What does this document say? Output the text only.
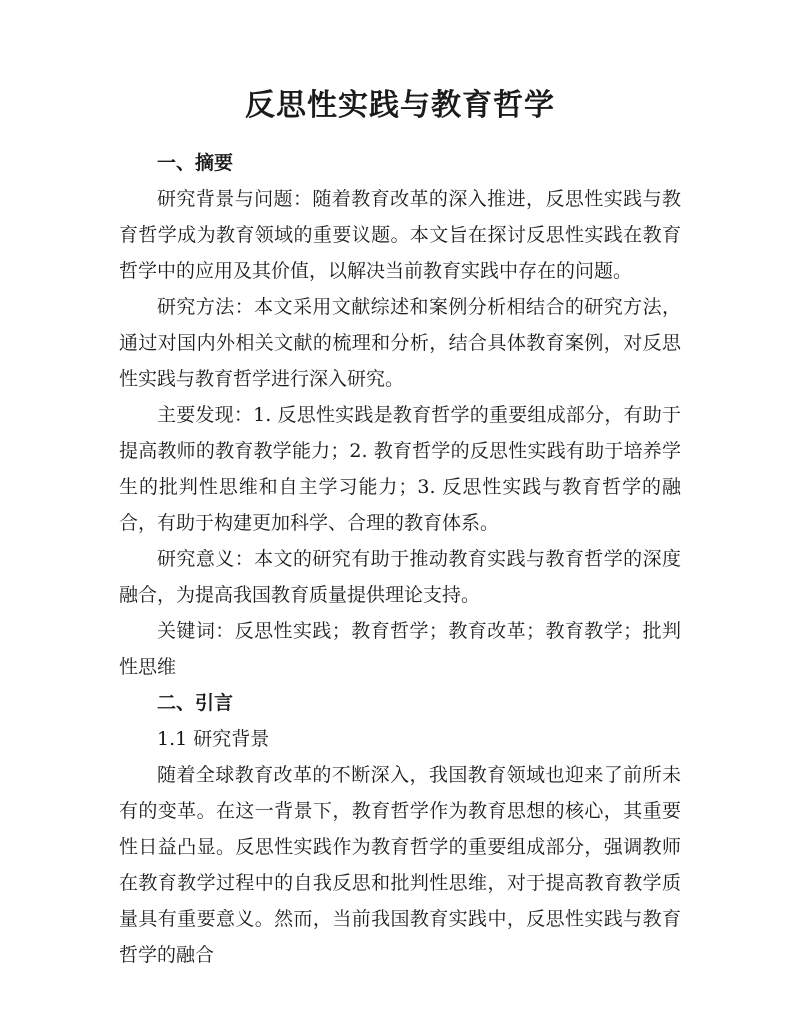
反思性实践与教育哲学

一、摘要

研究背景与问题：随着教育改革的深入推进，反思性实践与教育哲学成为教育领域的重要议题。本文旨在探讨反思性实践在教育哲学中的应用及其价值，以解决当前教育实践中存在的问题。

研究方法：本文采用文献综述和案例分析相结合的研究方法，通过对国内外相关文献的梳理和分析，结合具体教育案例，对反思性实践与教育哲学进行深入研究。

主要发现：1. 反思性实践是教育哲学的重要组成部分，有助于提高教师的教育教学能力；2. 教育哲学的反思性实践有助于培养学生的批判性思维和自主学习能力；3. 反思性实践与教育哲学的融合，有助于构建更加科学、合理的教育体系。

研究意义：本文的研究有助于推动教育实践与教育哲学的深度融合，为提高我国教育质量提供理论支持。

关键词：反思性实践；教育哲学；教育改革；教育教学；批判性思维

二、引言

1.1 研究背景

随着全球教育改革的不断深入，我国教育领域也迎来了前所未有的变革。在这一背景下，教育哲学作为教育思想的核心，其重要性日益凸显。反思性实践作为教育哲学的重要组成部分，强调教师在教育教学过程中的自我反思和批判性思维，对于提高教育教学质量具有重要意义。然而，当前我国教育实践中，反思性实践与教育哲学的融合
